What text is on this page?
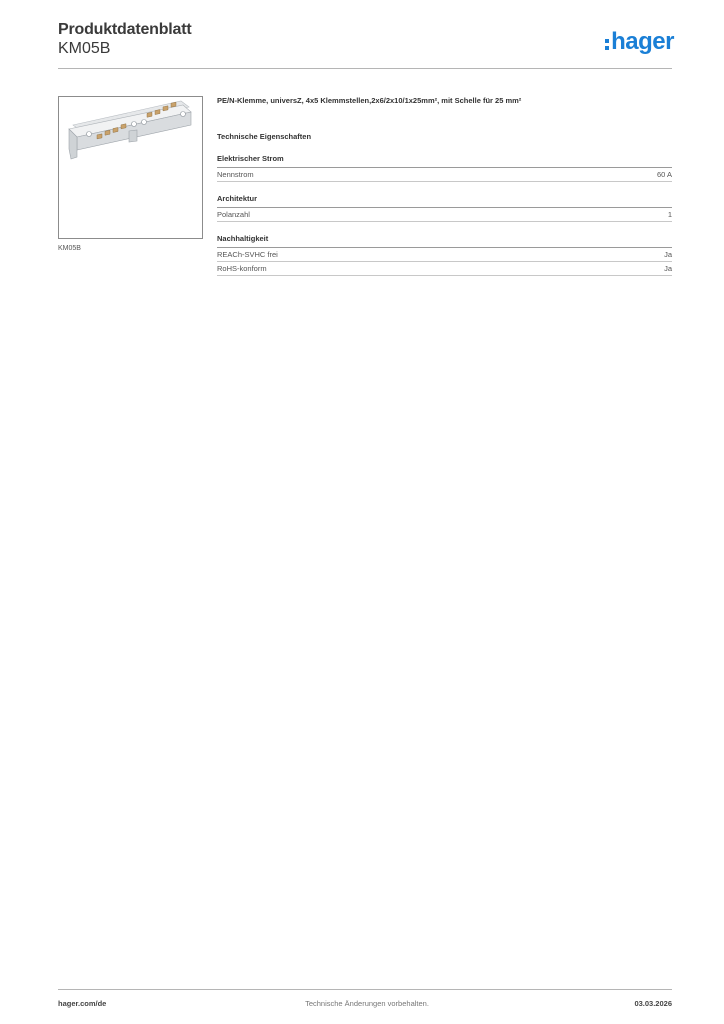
Produktdatenblatt
KM05B	hager
KM05B
PE/N-Klemme, universZ, 4x5 Klemmstellen,2x6/2x10/1x25mm², mit Schelle für 25 mm²
Technische Eigenschaften
Elektrischer Strom
Nennstrom	60 A
Architektur
Polanzahl	1
Nachhaltigkeit
REACh-SVHC frei	Ja
RoHS-konform	Ja
hager.com/de	Technische Änderungen vorbehalten.	03.03.2026
